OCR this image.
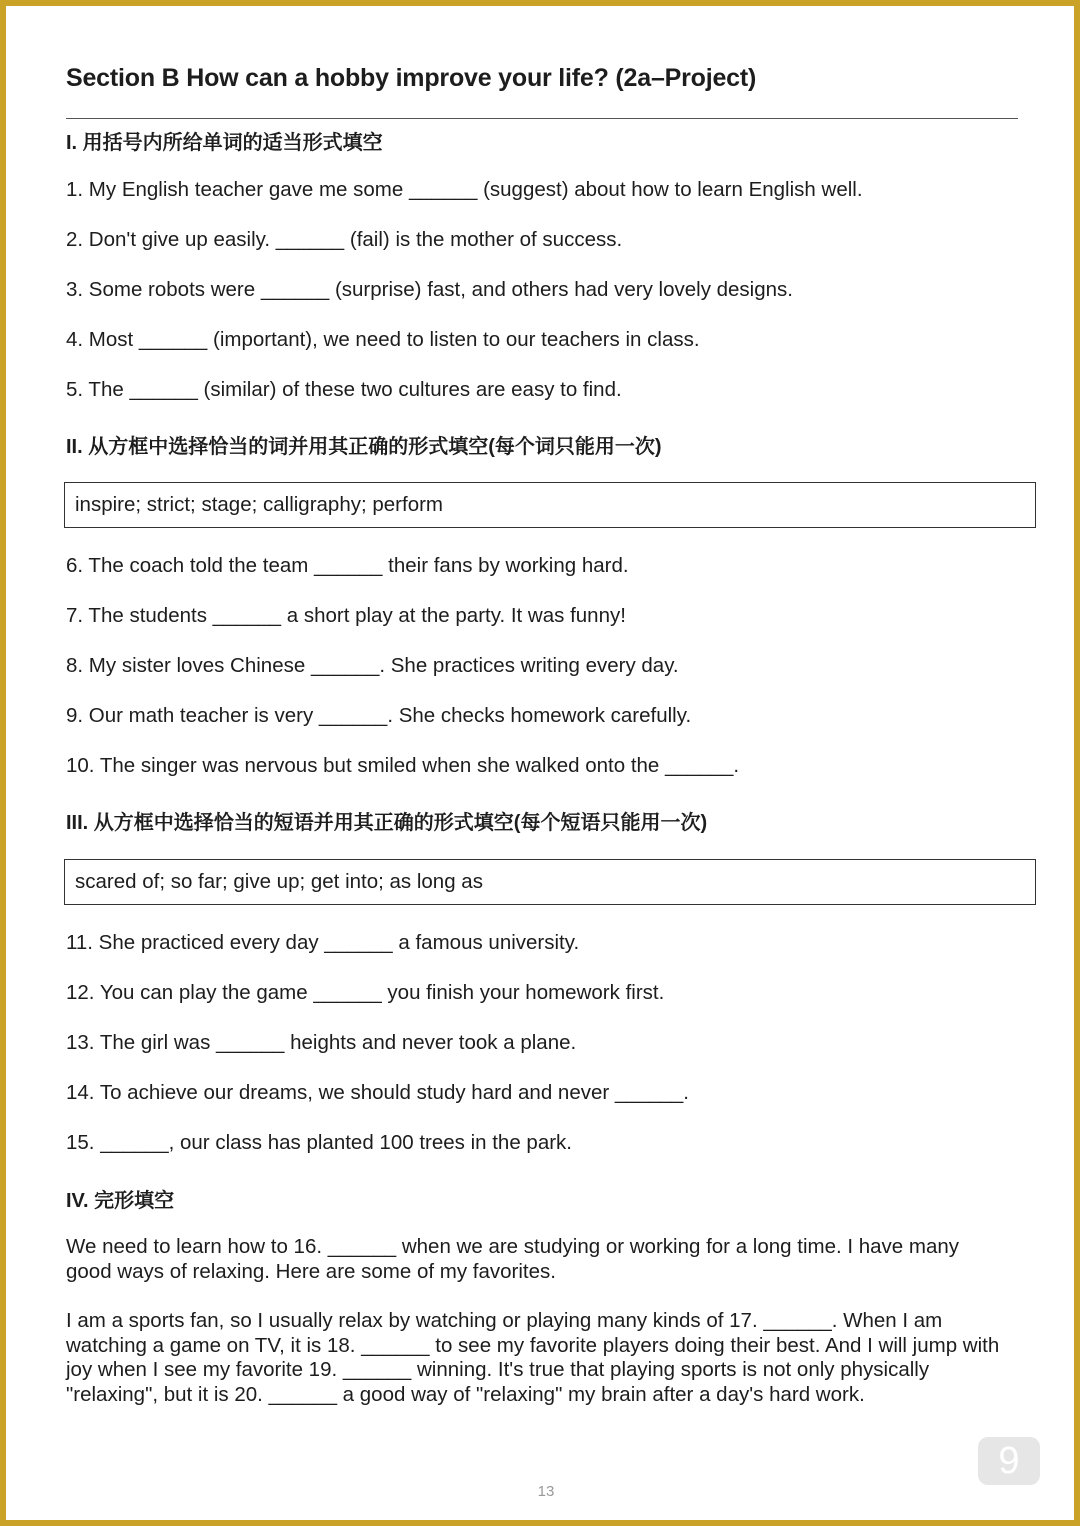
Section B How can a hobby improve your life? (2a–Project)
I. 用括号内所给单词的适当形式填空
1. My English teacher gave me some ______ (suggest) about how to learn English well.
2. Don't give up easily. ______ (fail) is the mother of success.
3. Some robots were ______ (surprise) fast, and others had very lovely designs.
4. Most ______ (important), we need to listen to our teachers in class.
5. The ______ (similar) of these two cultures are easy to find.
II. 从方框中选择恰当的词并用其正确的形式填空(每个词只能用一次)
inspire; strict; stage; calligraphy; perform
6. The coach told the team ______ their fans by working hard.
7. The students ______ a short play at the party. It was funny!
8. My sister loves Chinese ______. She practices writing every day.
9. Our math teacher is very ______. She checks homework carefully.
10. The singer was nervous but smiled when she walked onto the ______.
III. 从方框中选择恰当的短语并用其正确的形式填空(每个短语只能用一次)
scared of; so far; give up; get into; as long as
11. She practiced every day ______ a famous university.
12. You can play the game ______ you finish your homework first.
13. The girl was ______ heights and never took a plane.
14. To achieve our dreams, we should study hard and never ______.
15. ______, our class has planted 100 trees in the park.
IV. 完形填空

We need to learn how to 16. ______ when we are studying or working for a long time. I have many good ways of relaxing. Here are some of my favorites.

I am a sports fan, so I usually relax by watching or playing many kinds of 17. ______. When I am watching a game on TV, it is 18. ______ to see my favorite players doing their best. And I will jump with joy when I see my favorite 19. ______ winning. It's true that playing sports is not only physically "relaxing", but it is 20. ______ a good way of "relaxing" my brain after a day's hard work.

13
9
